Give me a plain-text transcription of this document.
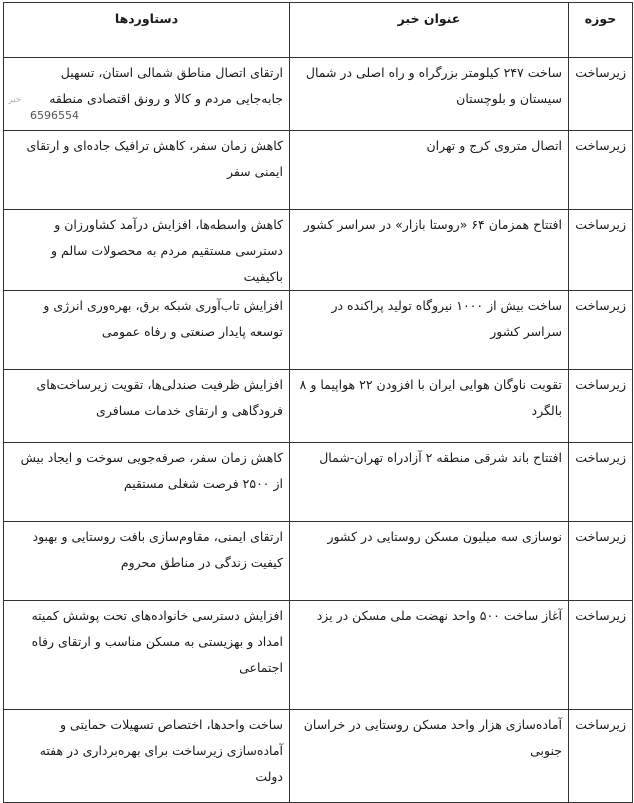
حوزه	عنوان خبر	دستاوردها
زیرساخت	ساخت ۲۴۷ کیلومتر بزرگراه و راه اصلی در شمال سیستان و بلوچستان	ارتقای اتصال مناطق شمالی استان، تسهیل جابه‌جایی مردم و کالا و رونق اقتصادی منطقه
زیرساخت	اتصال متروی کرج و تهران	کاهش زمان سفر، کاهش ترافیک جاده‌ای و ارتقای ایمنی سفر
زیرساخت	افتتاح همزمان ۶۴ «روستا بازار» در سراسر کشور	کاهش واسطه‌ها، افزایش درآمد کشاورزان و دسترسی مستقیم مردم به محصولات سالم و باکیفیت
زیرساخت	ساخت بیش از ۱۰۰۰ نیروگاه تولید پراکنده در سراسر کشور	افزایش تاب‌آوری شبکه برق، بهره‌وری انرژی و توسعه پایدار صنعتی و رفاه عمومی
زیرساخت	تقویت ناوگان هوایی ایران با افزودن ۲۲ هواپیما و ۸ بالگرد	افزایش ظرفیت صندلی‌ها، تقویت زیرساخت‌های فرودگاهی و ارتقای خدمات مسافری
زیرساخت	افتتاح باند شرقی منطقه ۲ آزادراه تهران-شمال	کاهش زمان سفر، صرفه‌جویی سوخت و ایجاد بیش از ۲۵۰۰ فرصت شغلی مستقیم
زیرساخت	نوسازی سه میلیون مسکن روستایی در کشور	ارتقای ایمنی، مقاوم‌سازی بافت روستایی و بهبود کیفیت زندگی در مناطق محروم
زیرساخت	آغاز ساخت ۵۰۰ واحد نهضت ملی مسکن در یزد	افزایش دسترسی خانواده‌های تحت پوشش کمیته امداد و بهزیستی به مسکن مناسب و ارتقای رفاه اجتماعی
زیرساخت	آماده‌سازی هزار واحد مسکن روستایی در خراسان جنوبی	ساخت واحدها، اختصاص تسهیلات حمایتی و آماده‌سازی زیرساخت برای بهره‌برداری در هفته دولت
خبر
6596554
